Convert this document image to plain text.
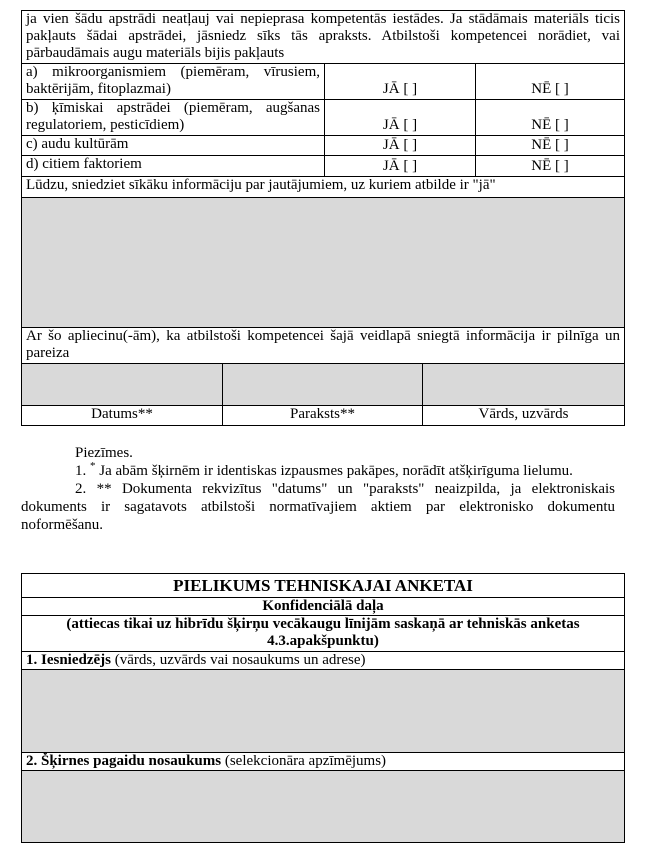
ja vien šādu apstrādi neatļauj vai nepieprasa kompetentās iestādes. Ja stādāmais materiāls ticis pakļauts šādai apstrādei, jāsniedz sīks tās apraksts. Atbilstoši kompetencei norādiet, vai pārbaudāmais augu materiāls bijis pakļauts
a) mikroorganismiem (piemēram, vīrusiem, baktērijām, fitoplazmai)	JĀ [ ]	NĒ [ ]
b) ķīmiskai apstrādei (piemēram, augšanas regulatoriem, pesticīdiem)	JĀ [ ]	NĒ [ ]
c) audu kultūrām	JĀ [ ]	NĒ [ ]
d) citiem faktoriem	JĀ [ ]	NĒ [ ]
Lūdzu, sniedziet sīkāku informāciju par jautājumiem, uz kuriem atbilde ir "jā"
Ar šo apliecinu(-ām), ka atbilstoši kompetencei šajā veidlapā sniegtā informācija ir pilnīga un pareiza
Datums**	Paraksts**	Vārds, uzvārds

Piezīmes.

1. * Ja abām šķirnēm ir identiskas izpausmes pakāpes, norādīt atšķirīguma lielumu.

2. ** Dokumenta rekvizītus "datums" un "paraksts" neaizpilda, ja elektroniskais dokuments ir sagatavots atbilstoši normatīvajiem aktiem par elektronisko dokumentu noformēšanu.

PIELIKUMS TEHNISKAJAI ANKETAI
Konfidenciālā daļa
(attiecas tikai uz hibrīdu šķirņu vecākaugu līnijām saskaņā ar tehniskās anketas 4.3.apakšpunktu)
1. Iesniedzējs (vārds, uzvārds vai nosaukums un adrese)
2. Šķirnes pagaidu nosaukums (selekcionāra apzīmējums)
